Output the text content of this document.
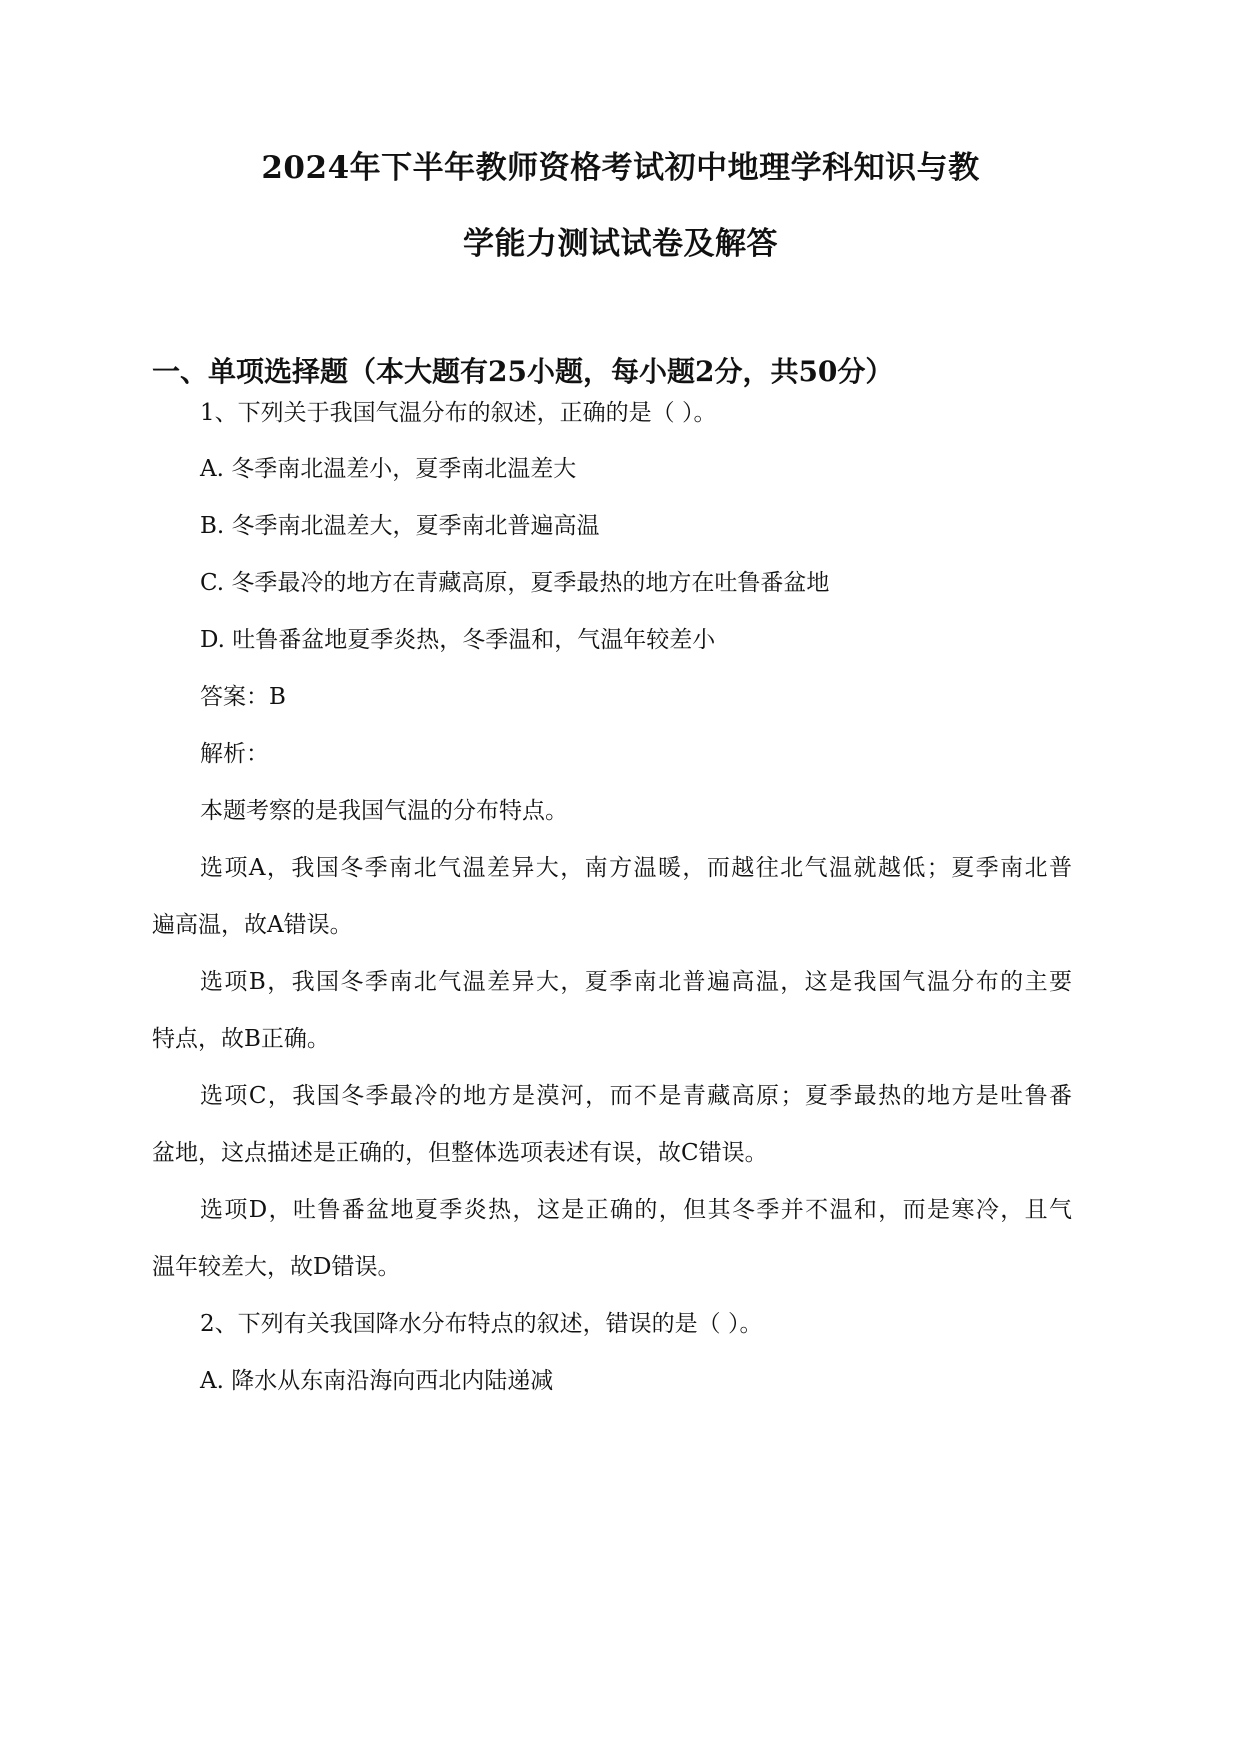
2024年下半年教师资格考试初中地理学科知识与教
学能力测试试卷及解答
一、单项选择题（本大题有25小题，每小题2分，共50分）
1、下列关于我国气温分布的叙述，正确的是（ ）。
A. 冬季南北温差小，夏季南北温差大
B. 冬季南北温差大，夏季南北普遍高温
C. 冬季最冷的地方在青藏高原，夏季最热的地方在吐鲁番盆地
D. 吐鲁番盆地夏季炎热，冬季温和，气温年较差小
答案：B
解析：
本题考察的是我国气温的分布特点。
选项A，我国冬季南北气温差异大，南方温暖，而越往北气温就越低；夏季南北普
遍高温，故A错误。
选项B，我国冬季南北气温差异大，夏季南北普遍高温，这是我国气温分布的主要
特点，故B正确。
选项C，我国冬季最冷的地方是漠河，而不是青藏高原；夏季最热的地方是吐鲁番
盆地，这点描述是正确的，但整体选项表述有误，故C错误。
选项D，吐鲁番盆地夏季炎热，这是正确的，但其冬季并不温和，而是寒冷，且气
温年较差大，故D错误。
2、下列有关我国降水分布特点的叙述，错误的是（ ）。
A. 降水从东南沿海向西北内陆递减
